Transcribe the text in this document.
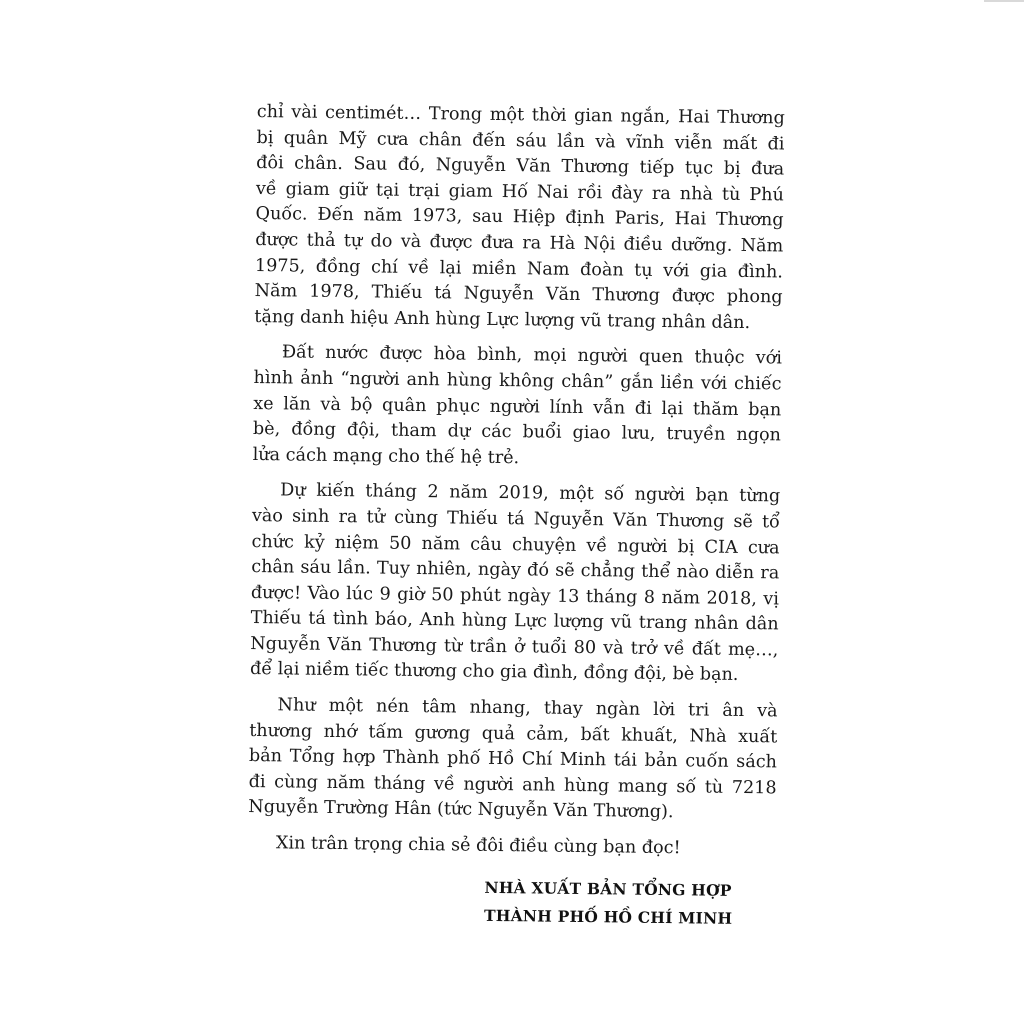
chỉ vài centimét… Trong một thời gian ngắn, Hai Thương
bị quân Mỹ cưa chân đến sáu lần và vĩnh viễn mất đi
đôi chân. Sau đó, Nguyễn Văn Thương tiếp tục bị đưa
về giam giữ tại trại giam Hố Nai rồi đày ra nhà tù Phú
Quốc. Đến năm 1973, sau Hiệp định Paris, Hai Thương
được thả tự do và được đưa ra Hà Nội điều dưỡng. Năm
1975, đồng chí về lại miền Nam đoàn tụ với gia đình.
Năm 1978, Thiếu tá Nguyễn Văn Thương được phong
tặng danh hiệu Anh hùng Lực lượng vũ trang nhân dân.
Đất nước được hòa bình, mọi người quen thuộc với
hình ảnh “người anh hùng không chân” gắn liền với chiếc
xe lăn và bộ quân phục người lính vẫn đi lại thăm bạn
bè, đồng đội, tham dự các buổi giao lưu, truyền ngọn
lửa cách mạng cho thế hệ trẻ.
Dự kiến tháng 2 năm 2019, một số người bạn từng
vào sinh ra tử cùng Thiếu tá Nguyễn Văn Thương sẽ tổ
chức kỷ niệm 50 năm câu chuyện về người bị CIA cưa
chân sáu lần. Tuy nhiên, ngày đó sẽ chẳng thể nào diễn ra
được! Vào lúc 9 giờ 50 phút ngày 13 tháng 8 năm 2018, vị
Thiếu tá tình báo, Anh hùng Lực lượng vũ trang nhân dân
Nguyễn Văn Thương từ trần ở tuổi 80 và trở về đất mẹ…,
để lại niềm tiếc thương cho gia đình, đồng đội, bè bạn.
Như một nén tâm nhang, thay ngàn lời tri ân và
thương nhớ tấm gương quả cảm, bất khuất, Nhà xuất
bản Tổng hợp Thành phố Hồ Chí Minh tái bản cuốn sách
đi cùng năm tháng về người anh hùng mang số tù 7218
Nguyễn Trường Hân (tức Nguyễn Văn Thương).
Xin trân trọng chia sẻ đôi điều cùng bạn đọc!
NHÀ XUẤT BẢN TỔNG HỢP
THÀNH PHỐ HỒ CHÍ MINH
